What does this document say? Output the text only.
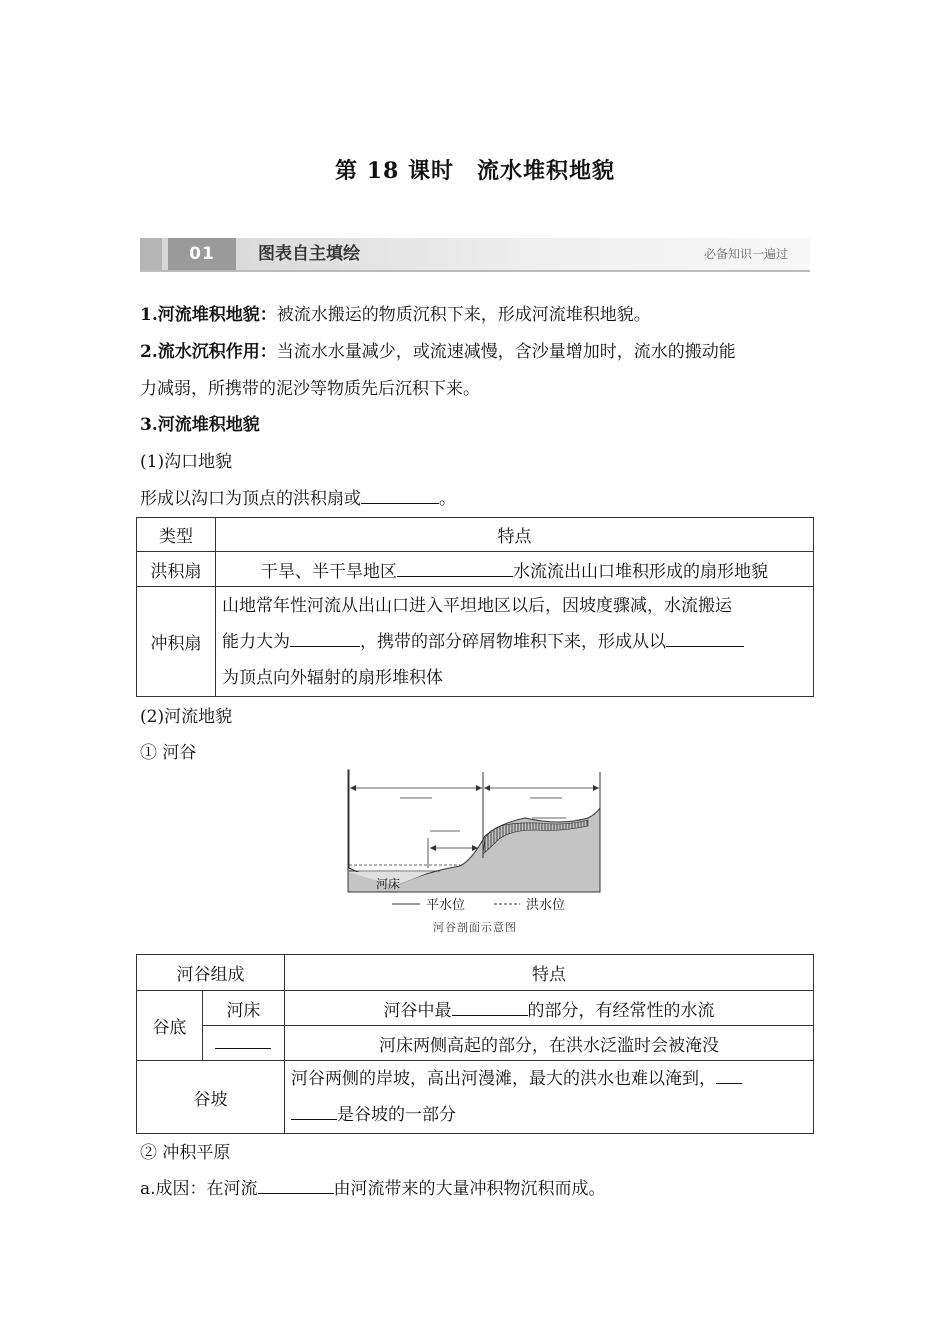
第 18 课时　流水堆积地貌
01	图表自主填绘	必备知识一遍过
1.河流堆积地貌：被流水搬运的物质沉积下来，形成河流堆积地貌。
2.流水沉积作用：当流水水量减少，或流速减慢，含沙量增加时，流水的搬动能
力减弱，所携带的泥沙等物质先后沉积下来。
3.河流堆积地貌
(1)沟口地貌
形成以沟口为顶点的洪积扇或	。
类型	特点
洪积扇	干旱、半干旱地区 水流流出山口堆积形成的扇形地貌
冲积扇	山地常年性河流从出山口进入平坦地区以后，因坡度骤减，水流搬运
能力大为 ，携带的部分碎屑物堆积下来，形成从以
为顶点向外辐射的扇形堆积体
(2)河流地貌
① 河谷
河床
平水位	洪水位
河谷剖面示意图
河谷组成		特点
谷底	河床	河谷中最 的部分，有经常性的水流
		河床两侧高起的部分，在洪水泛滥时会被淹没
谷坡		河谷两侧的岸坡，高出河漫滩，最大的洪水也难以淹到，
是谷坡的一部分
② 冲积平原
a.成因：在河流	由河流带来的大量冲积物沉积而成。
